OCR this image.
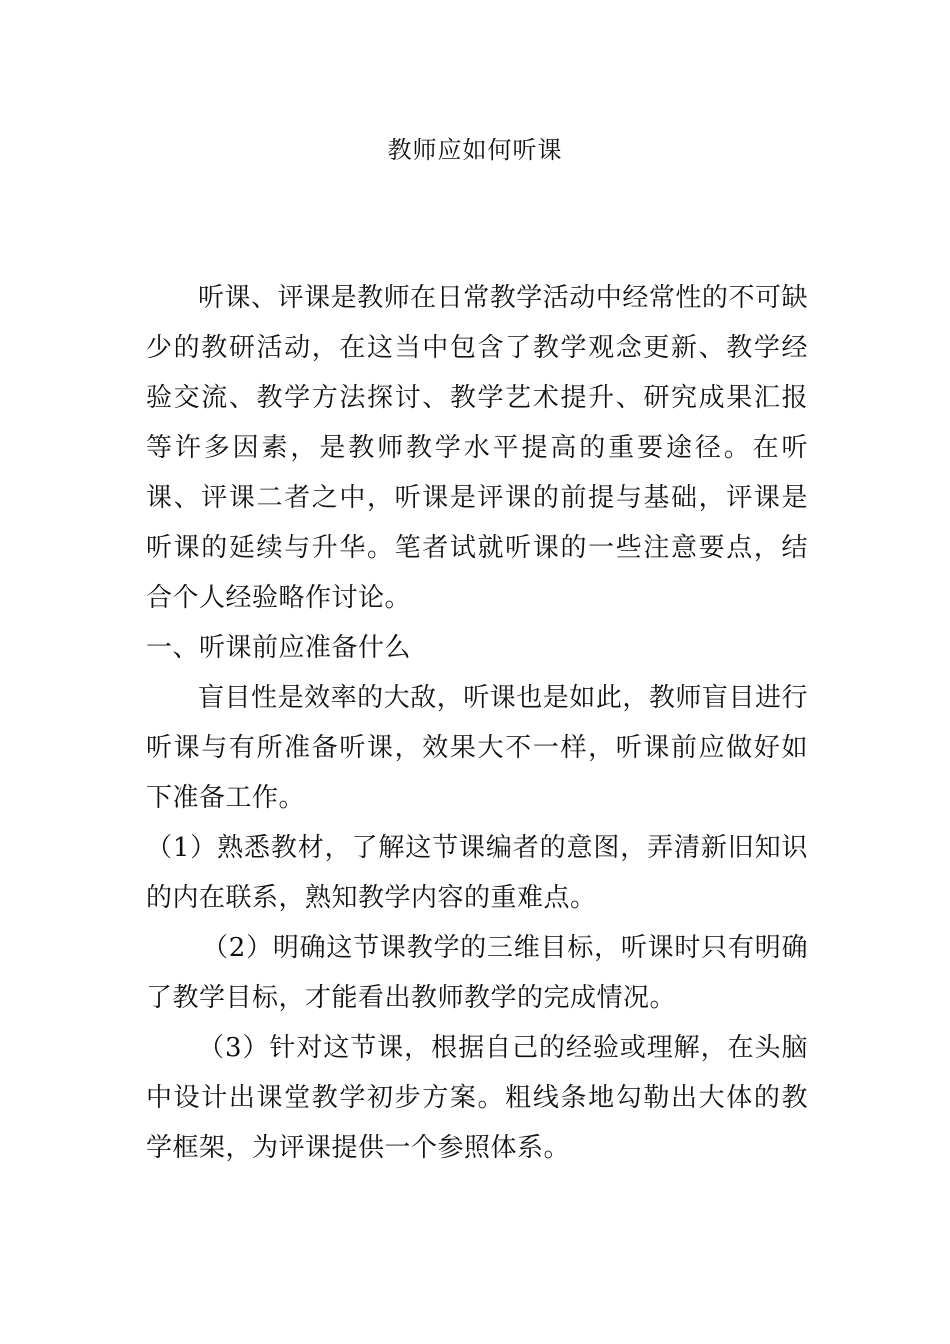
教师应如何听课

听课、评课是教师在日常教学活动中经常性的不可缺少的教研活动，在这当中包含了教学观念更新、教学经验交流、教学方法探讨、教学艺术提升、研究成果汇报等许多因素，是教师教学水平提高的重要途径。在听课、评课二者之中，听课是评课的前提与基础，评课是听课的延续与升华。笔者试就听课的一些注意要点，结合个人经验略作讨论。

一、听课前应准备什么

盲目性是效率的大敌，听课也是如此，教师盲目进行听课与有所准备听课，效果大不一样，听课前应做好如下准备工作。

（1）熟悉教材，了解这节课编者的意图，弄清新旧知识的内在联系，熟知教学内容的重难点。

（2）明确这节课教学的三维目标，听课时只有明确了教学目标，才能看出教师教学的完成情况。

（3）针对这节课，根据自己的经验或理解，在头脑中设计出课堂教学初步方案。粗线条地勾勒出大体的教学框架，为评课提供一个参照体系。
